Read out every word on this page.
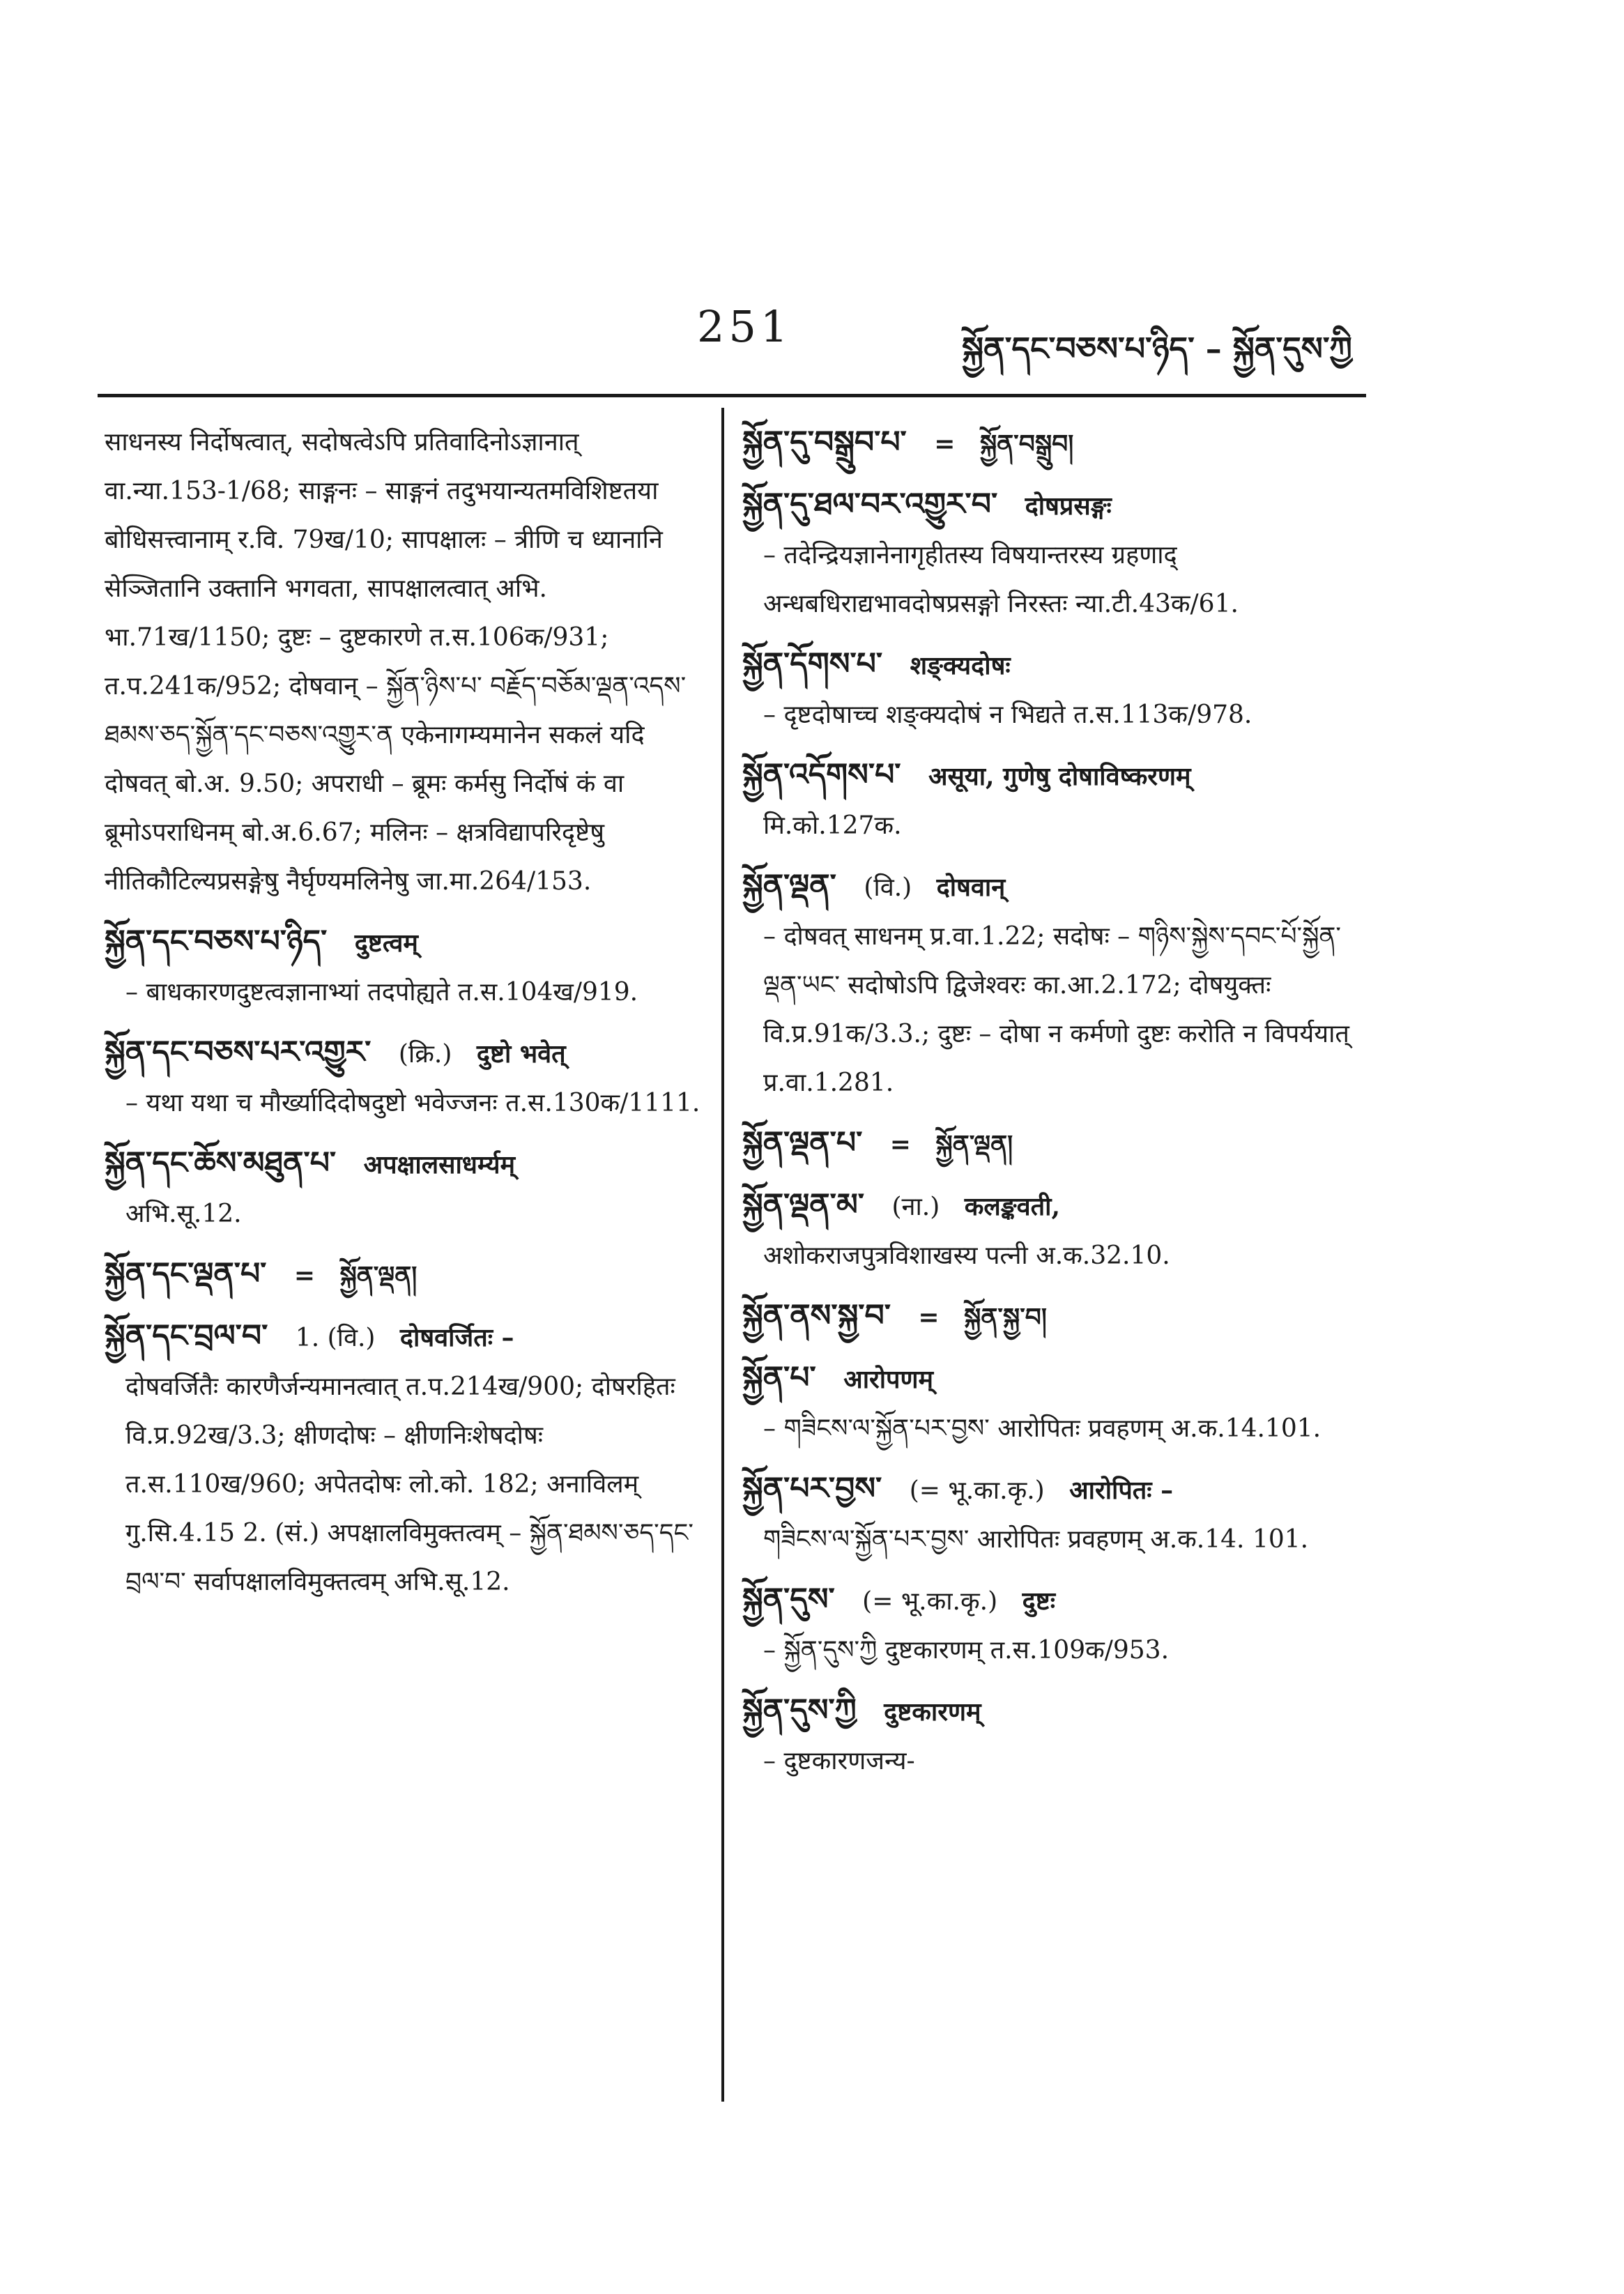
251	སྐྱོན་དང་བཅས་པ་ཉིད་ – སྐྱོན་དུས་ཀྱི

साधनस्य निर्दोषत्वात्, सदोषत्वेऽपि प्रतिवादिनोऽज्ञानात् वा.न्या.153-1/68; साङ्गनः – साङ्गनं तदुभयान्यतमविशिष्टतया बोधिसत्त्वानाम् र.वि. 79ख/10; सापक्षालः – त्रीणि च ध्यानानि सेञ्जितानि उक्तानि भगवता, सापक्षालत्वात् अभि. भा.71ख/1150; दुष्टः – दुष्टकारणे त.स.106क/931; त.प.241क/952; दोषवान् – སྐྱོན་ཉིས་པ་ བརྗོད་བཅོམ་ལྡན་འདས་ཐམས་ཅད་སྐྱོན་དང་བཅས་འགྱུར་ན एकेनागम्यमानेन सकलं यदि दोषवत् बो.अ. 9.50; अपराधी – ब्रूमः कर्मसु निर्दोषं कं वा ब्रूमोऽपराधिनम् बो.अ.6.67; मलिनः – क्षत्रविद्यापरिदृष्टेषु नीतिकौटिल्यप्रसङ्गेषु नैर्घृण्यमलिनेषु जा.मा.264/153.

སྐྱོན་དང་བཅས་པ་ཉིད་ दुष्टत्वम्
– बाधकारणदुष्टत्वज्ञानाभ्यां तदपोह्यते त.स.104ख/919.
སྐྱོན་དང་བཅས་པར་འགྱུར་ (क्रि.) दुष्टो भवेत्
– यथा यथा च मौर्ख्यादिदोषदुष्टो भवेज्जनः त.स.130क/1111.
སྐྱོན་དང་ཆོས་མཐུན་པ་ अपक्षालसाधर्म्यम्
अभि.सू.12.
སྐྱོན་དང་ལྡན་པ་ = སྐྱོན་ལྡན།
སྐྱོན་དང་བྲལ་བ་ 1. (वि.) दोषवर्जितः –
दोषवर्जितैः कारणैर्जन्यमानत्वात् त.प.214ख/900; दोषरहितः वि.प्र.92ख/3.3; क्षीणदोषः – क्षीणनिःशेषदोषः त.स.110ख/960; अपेतदोषः लो.को. 182; अनाविलम् गु.सि.4.15 2. (सं.) अपक्षालविमुक्तत्वम् – སྐྱོན་ཐམས་ཅད་དང་བྲལ་བ་ सर्वापक्षालविमुक्तत्वम् अभि.सू.12.
སྐྱོན་དུ་བསྒྲུབ་པ་ = སྐྱོན་བསྒྲུབ།
སྐྱོན་དུ་ཐལ་བར་འགྱུར་བ་ दोषप्रसङ्गः
– तदेन्द्रियज्ञानेनागृहीतस्य विषयान्तरस्य ग्रहणाद् अन्धबधिराद्यभावदोषप्रसङ्गो निरस्तः न्या.टी.43क/61.
སྐྱོན་དོགས་པ་ शङ्क्यदोषः
– दृष्टदोषाच्च शङ्क्यदोषं न भिद्यते त.स.113क/978.
སྐྱོན་འདོགས་པ་ असूया, गुणेषु दोषाविष्करणम्
मि.को.127क.
སྐྱོན་ལྡན་ (वि.) दोषवान्
– दोषवत् साधनम् प्र.वा.1.22; सदोषः – གཉིས་སྐྱེས་དབང་པོ་སྐྱོན་ལྡན་ཡང་ सदोषोऽपि द्विजेश्वरः का.आ.2.172; दोषयुक्तः वि.प्र.91क/3.3.; दुष्टः – दोषा न कर्मणो दुष्टः करोति न विपर्ययात् प्र.वा.1.281.
སྐྱོན་ལྡན་པ་ = སྐྱོན་ལྡན།
སྐྱོན་ལྡན་མ་ (ना.) कलङ्कवती,
अशोकराजपुत्रविशाखस्य पत्नी अ.क.32.10.
སྐྱོན་ནས་སྐྱ་བ་ = སྐྱོན་སྐྱ་བ།
སྐྱོན་པ་ आरोपणम्
– གཟིངས་ལ་སྐྱོན་པར་བྱས་ आरोपितः प्रवहणम् अ.क.14.101.
སྐྱོན་པར་བྱས་ (= भू.का.कृ.) आरोपितः –
གཟིངས་ལ་སྐྱོན་པར་བྱས་ आरोपितः प्रवहणम् अ.क.14. 101.
སྐྱོན་དུས་ (= भू.का.कृ.) दुष्टः
– སྐྱོན་དུས་ཀྱི दुष्टकारणम् त.स.109क/953.
སྐྱོན་དུས་ཀྱི दुष्टकारणम्
– दुष्टकारणजन्य-
